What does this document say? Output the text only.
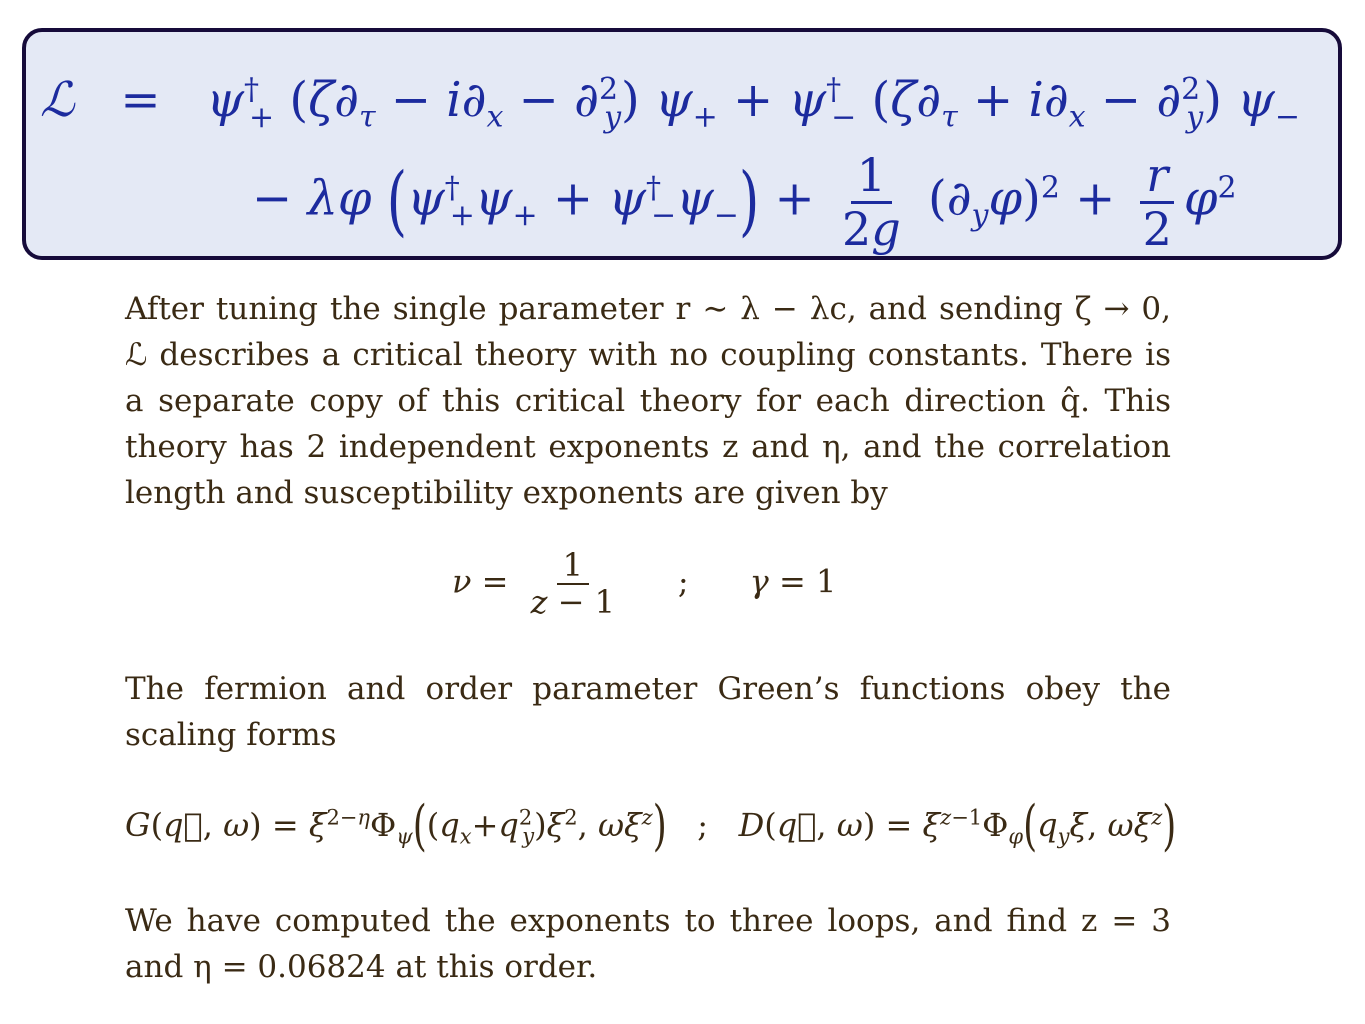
ℒ   =   $\psi^\dagger_+$ $(\zeta\partial_\tau - i\partial_x - \partial^2_y) \psi_+ + \psi^\dagger_-$ $(\zeta\partial_\tau + i\partial_x - \partial^2_y)$ $\psi_-$
− λφ $(\psi^\dagger_+\psi_+ + \psi^\dagger_-\psi_-) + \frac{1}{2g} (\partial_y\varphi)^2 + \frac{r}{2} \varphi^2$

After tuning the single parameter r ∼ λ − λc, and sending ζ → 0, ℒ describes a critical theory with no coupling constants. There is a separate copy of this critical theory for each direction q̂. This theory has 2 independent exponents z and η, and the correlation length and susceptibility exponents are given by

$\nu = \frac{1}{z - 1}$ ;      γ = 1

The fermion and order parameter Green’s functions obey the scaling forms

G(q⃗, $\omega) = \xi^{2-\eta}\Phi_\psi((q_x+q^2_y)\xi^2$, $\omega\xi^z$)   ;   D(q⃗, $\omega) = \xi^{z-1}\Phi_\varphi(q_y\xi$, $\omega\xi^z$)

We have computed the exponents to three loops, and find z = 3 and η = 0.06824 at this order.
